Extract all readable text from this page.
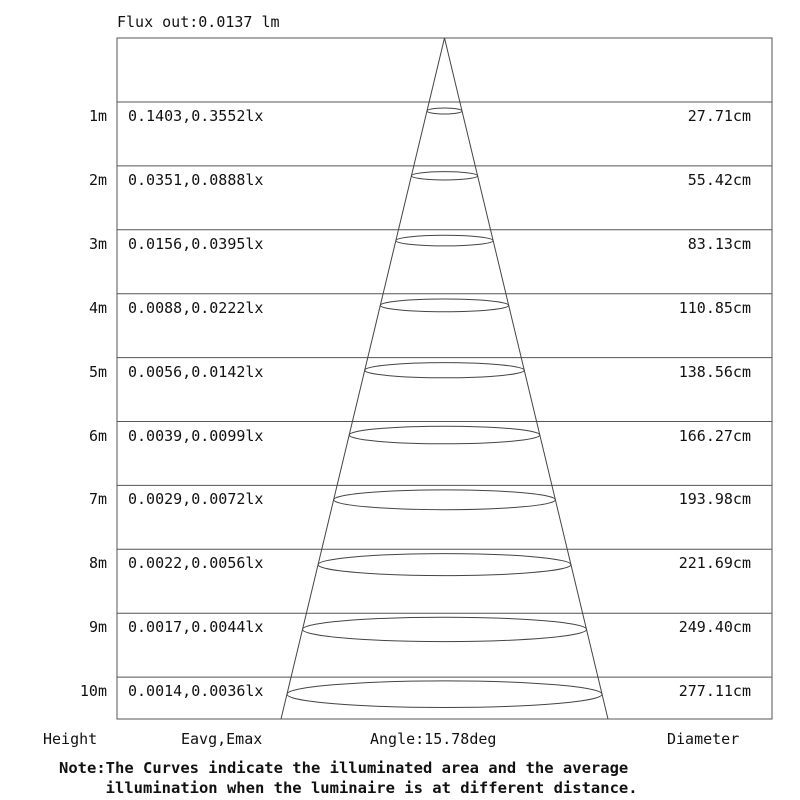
Flux out:0.0137 lm
1m 0.1403,0.3552lx	27.71cm
2m 0.0351,0.0888lx	55.42cm
3m 0.0156,0.0395lx	83.13cm
4m 0.0088,0.0222lx	110.85cm
5m 0.0056,0.0142lx	138.56cm
6m 0.0039,0.0099lx	166.27cm
7m 0.0029,0.0072lx	193.98cm
8m 0.0022,0.0056lx	221.69cm
9m 0.0017,0.0044lx	249.40cm
10m 0.0014,0.0036lx	277.11cm
Height	Eavg,Emax	Angle:15.78deg	Diameter
Note:The Curves indicate the illuminated area and the average
illumination when the luminaire is at different distance.
